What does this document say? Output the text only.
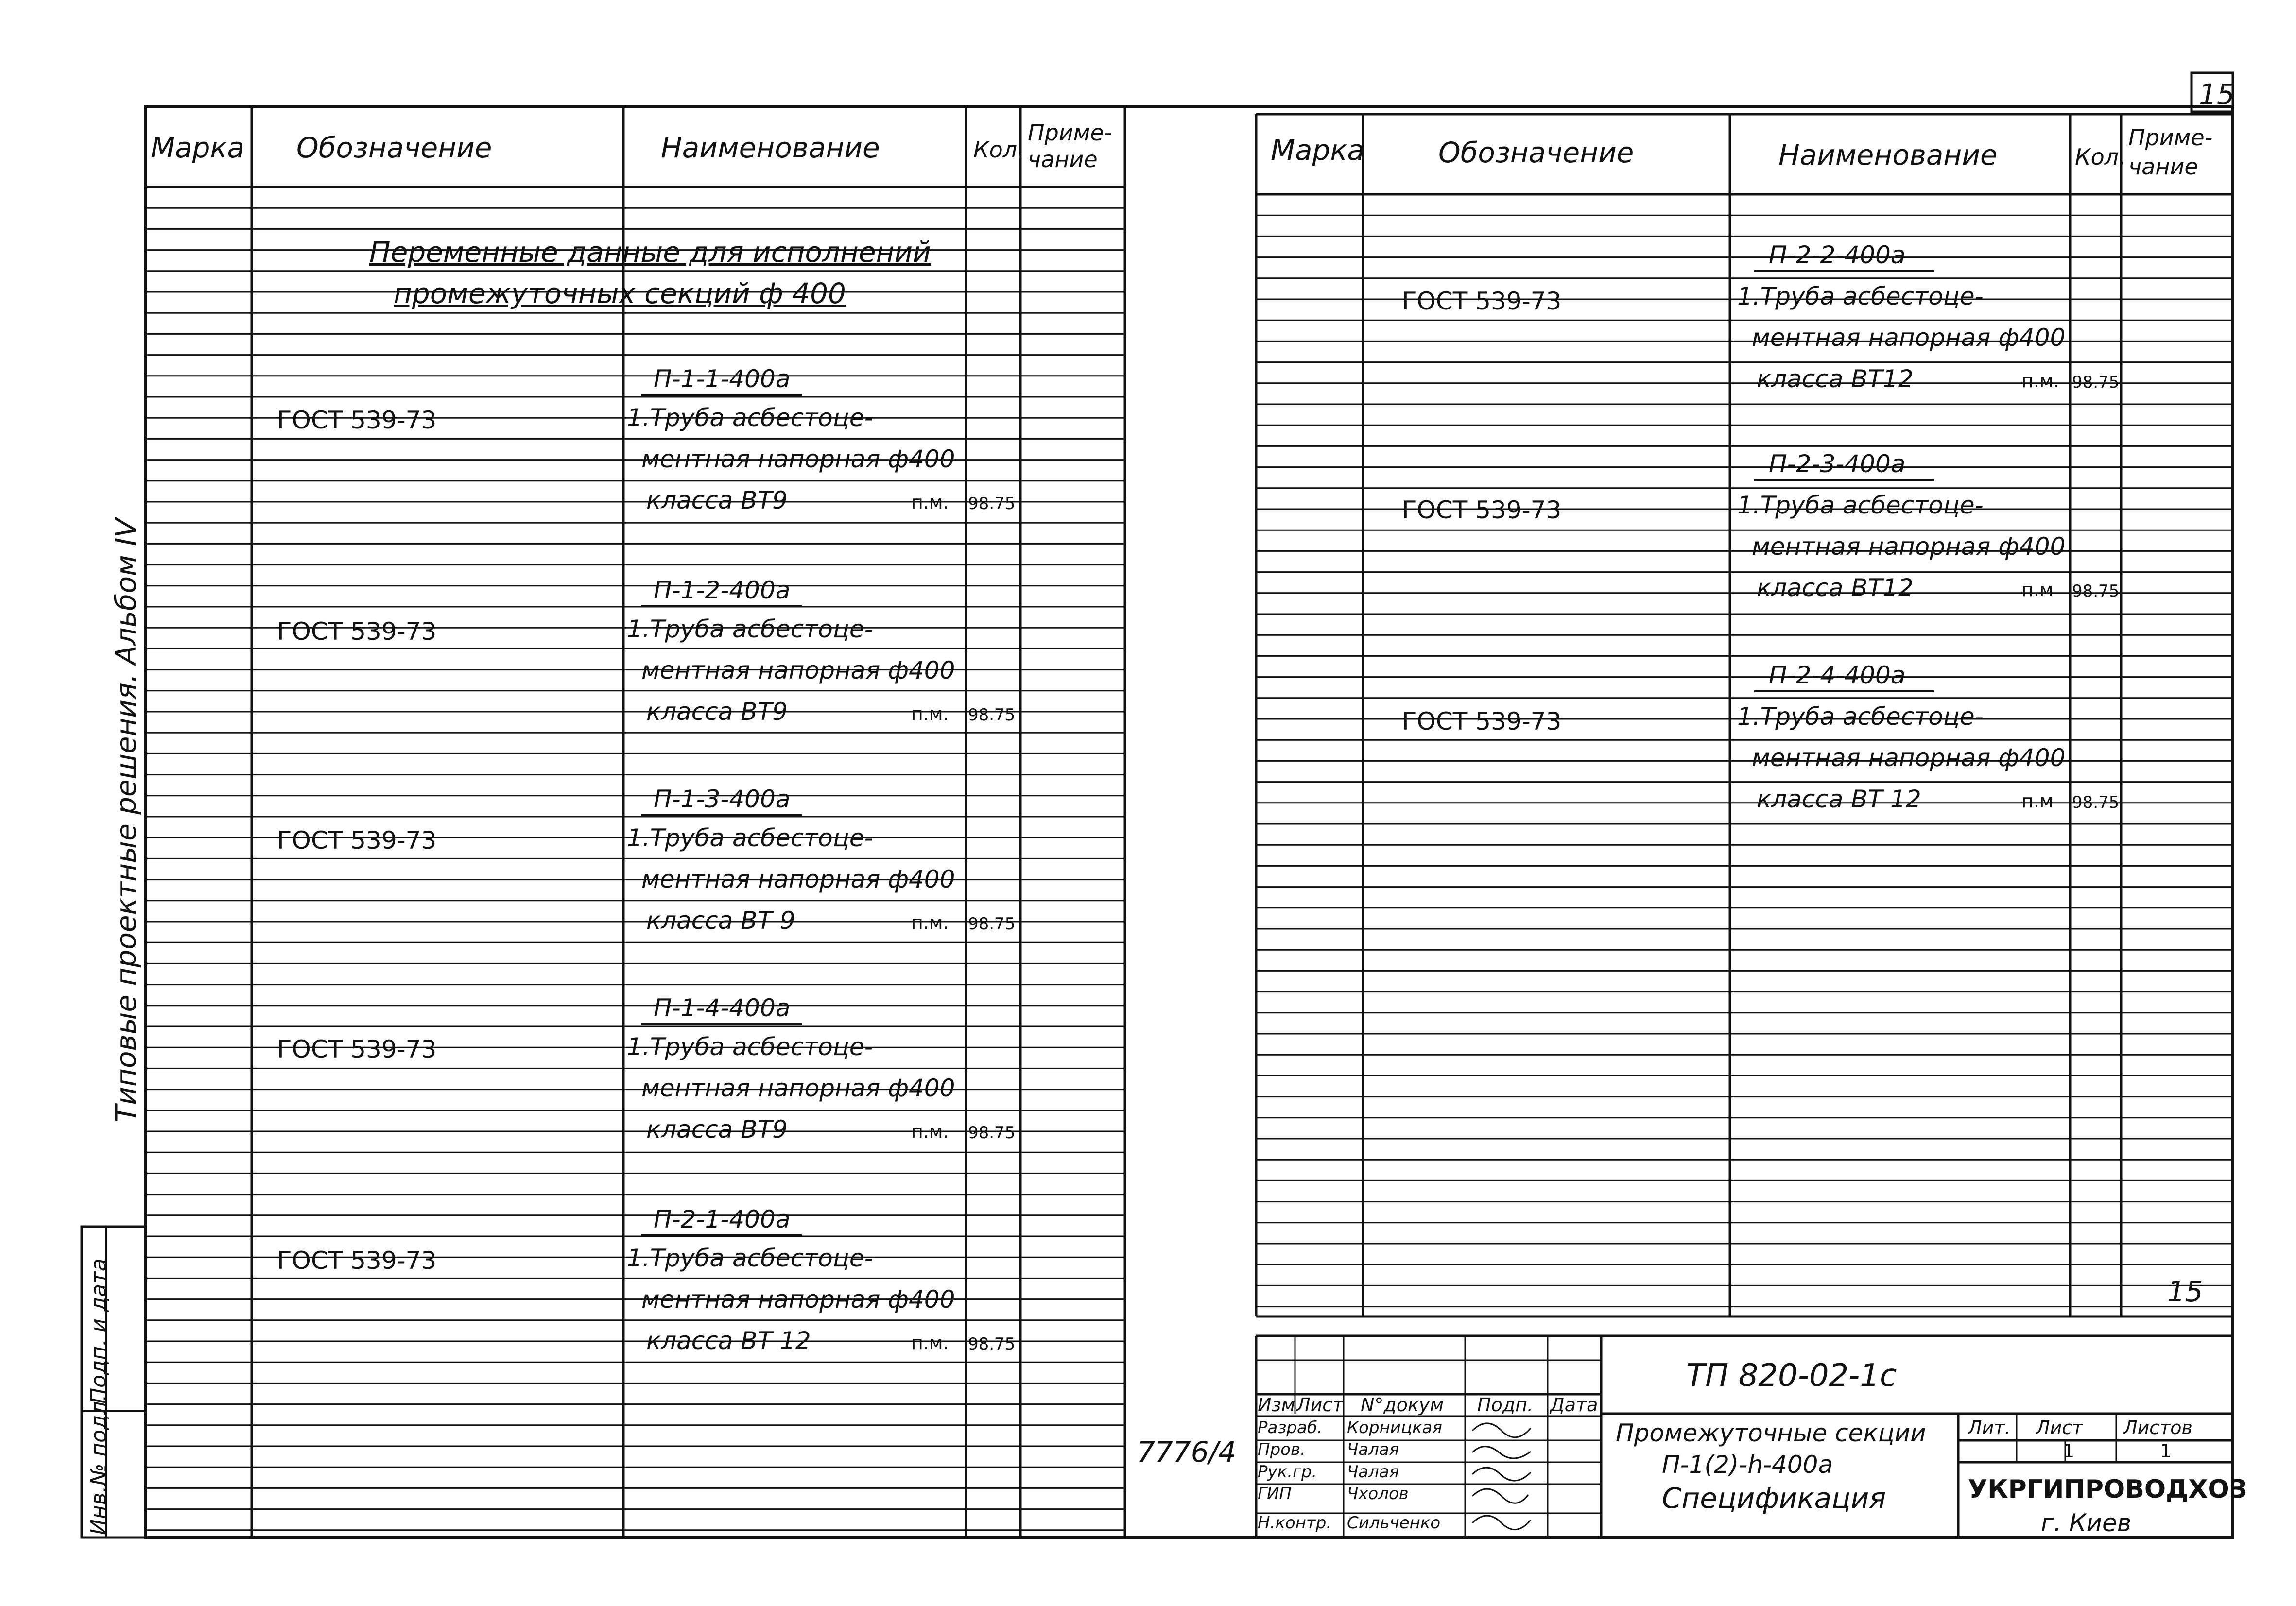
15
15
Типовые проектные решения. Альбом IV
Подп. и дата
Инв.№ подл.	7776/4
Марка Обозначение	Наименование	Кол.
Приме-
чание	Марка	Обозначение	Наименование	Кол.
Приме-
чание
Переменные данные для исполнений
промежуточных секций ф 400
П-1-1-400а
ГОСТ 539-73	1.Труба асбестоце-
ментная напорная ф400
класса ВТ9	п.м. 98.75
П-1-2-400а
ГОСТ 539-73	1.Труба асбестоце-
ментная напорная ф400
класса ВТ9	п.м. 98.75
П-1-3-400а
ГОСТ 539-73	1.Труба асбестоце-
ментная напорная ф400
класса ВТ 9	п.м. 98.75
П-1-4-400а
ГОСТ 539-73	1.Труба асбестоце-
ментная напорная ф400
класса ВТ9	п.м. 98.75
П-2-1-400а
ГОСТ 539-73	1.Труба асбестоце-
ментная напорная ф400
класса ВТ 12	п.м. 98.75
П-2-2-400а
ГОСТ 539-73	1.Труба асбестоце-
ментная напорная ф400
класса ВТ12	п.м. 98.75
П-2-3-400а
ГОСТ 539-73	1.Труба асбестоце-
ментная напорная ф400
класса ВТ12	п.м 98.75
П-2-4-400а
ГОСТ 539-73	1.Труба асбестоце-
ментная напорная ф400
класса ВТ 12	п.м 98.75
ТП 820-02-1с
Промежуточные секции
П-1(2)-h-400а
Спецификация
Изм Лист N°докум Подп. Дата
Разраб. Корницкая
Пров.	Чалая
Рук.гр. Чалая
ГИП	Чхолов
Н.контр. Сильченко
Лит. Лист Листов
1	1
УКРГИПРОВОДХОЗ
г. Киев
